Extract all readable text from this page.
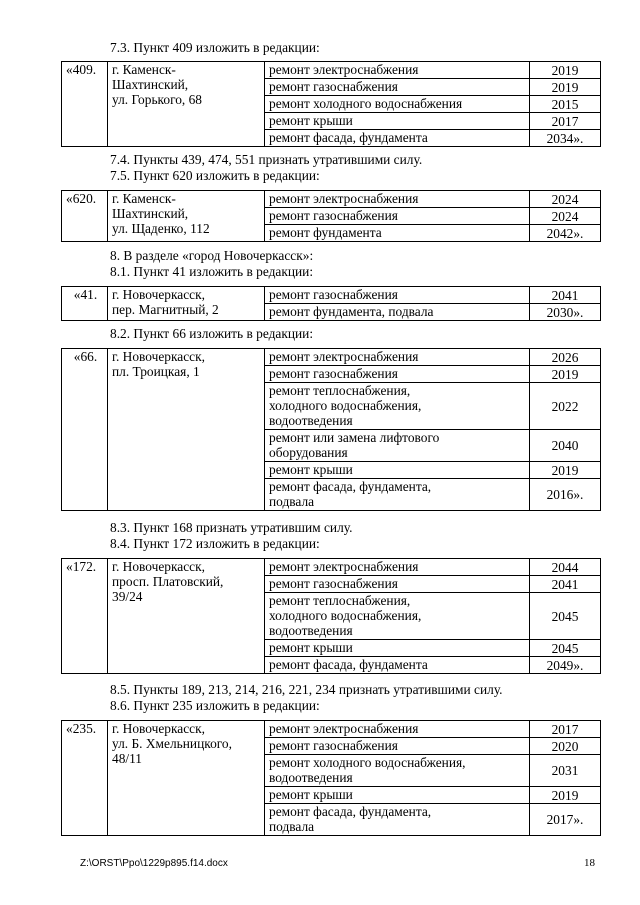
7.3. Пункт 409 изложить в редакции:
«409.	г. Каменск-
Шахтинский,
ул. Горького, 68	ремонт электроснабжения	2019
		ремонт газоснабжения	2019
		ремонт холодного водоснабжения	2015
		ремонт крыши	2017
		ремонт фасада, фундамента	2034».
7.4. Пункты 439, 474, 551 признать утратившими силу.
7.5. Пункт 620 изложить в редакции:
«620.	г. Каменск-
Шахтинский,
ул. Щаденко, 112	ремонт электроснабжения	2024
		ремонт газоснабжения	2024
		ремонт фундамента	2042».
8. В разделе «город Новочеркасск»:
8.1. Пункт 41 изложить в редакции:
«41.	г. Новочеркасск,
пер. Магнитный, 2	ремонт газоснабжения	2041
		ремонт фундамента, подвала	2030».
8.2. Пункт 66 изложить в редакции:
«66.	г. Новочеркасск,
пл. Троицкая, 1	ремонт электроснабжения	2026
		ремонт газоснабжения	2019

		ремонт теплоснабжения,
холодного водоснабжения,
водоотведения	2022

		ремонт или замена лифтового
оборудования	2040
		ремонт крыши	2019

		ремонт фасада, фундамента,
подвала	2016».
8.3. Пункт 168 признать утратившим силу.
8.4. Пункт 172 изложить в редакции:
«172.	г. Новочеркасск,
просп. Платовский,
39/24	ремонт электроснабжения	2044
		ремонт газоснабжения	2041

		ремонт теплоснабжения,
холодного водоснабжения,
водоотведения	2045
		ремонт крыши	2045
		ремонт фасада, фундамента	2049».
8.5. Пункты 189, 213, 214, 216, 221, 234 признать утратившими силу.
8.6. Пункт 235 изложить в редакции:
«235.	г. Новочеркасск,
ул. Б. Хмельницкого,
48/11	ремонт электроснабжения	2017
		ремонт газоснабжения	2020

		ремонт холодного водоснабжения,
водоотведения	2031
		ремонт крыши	2019

		ремонт фасада, фундамента,
подвала	2017».
Z:\ORST\Ppo\1229p895.f14.docx	18
